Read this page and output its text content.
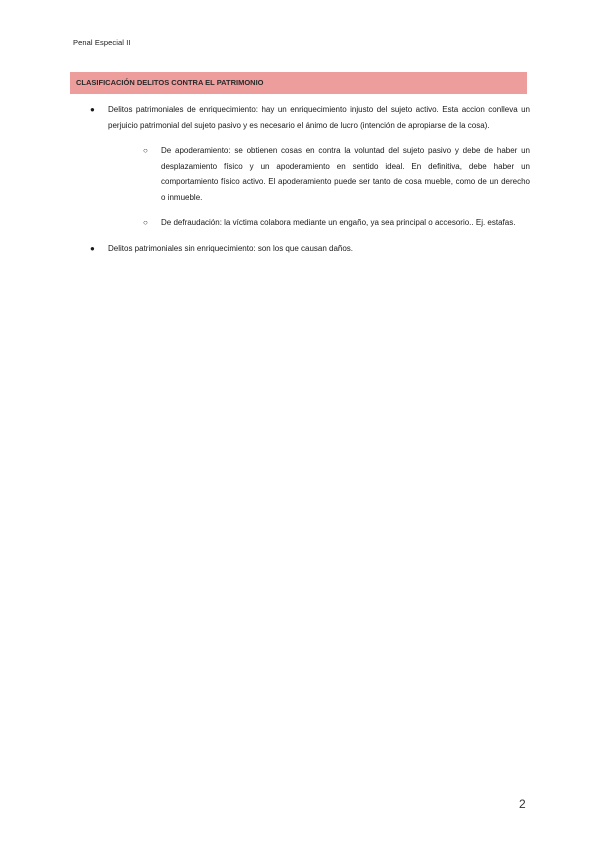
Penal Especial II
CLASIFICACIÓN DELITOS CONTRA EL PATRIMONIO
● Delitos patrimoniales de enriquecimiento: hay un enriquecimiento injusto del sujeto activo. Esta accion conlleva un perjuicio patrimonial del sujeto pasivo y es necesario el ánimo de lucro (intención de apropiarse de la cosa).
○ De apoderamiento: se obtienen cosas en contra la voluntad del sujeto pasivo y debe de haber un desplazamiento físico y un apoderamiento en sentido ideal. En definitiva, debe haber un comportamiento físico activo. El apoderamiento puede ser tanto de cosa mueble, como de un derecho o inmueble.
○ De defraudación: la víctima colabora mediante un engaño, ya sea principal o accesorio.. Ej. estafas.
● Delitos patrimoniales sin enriquecimiento: son los que causan daños.
2
